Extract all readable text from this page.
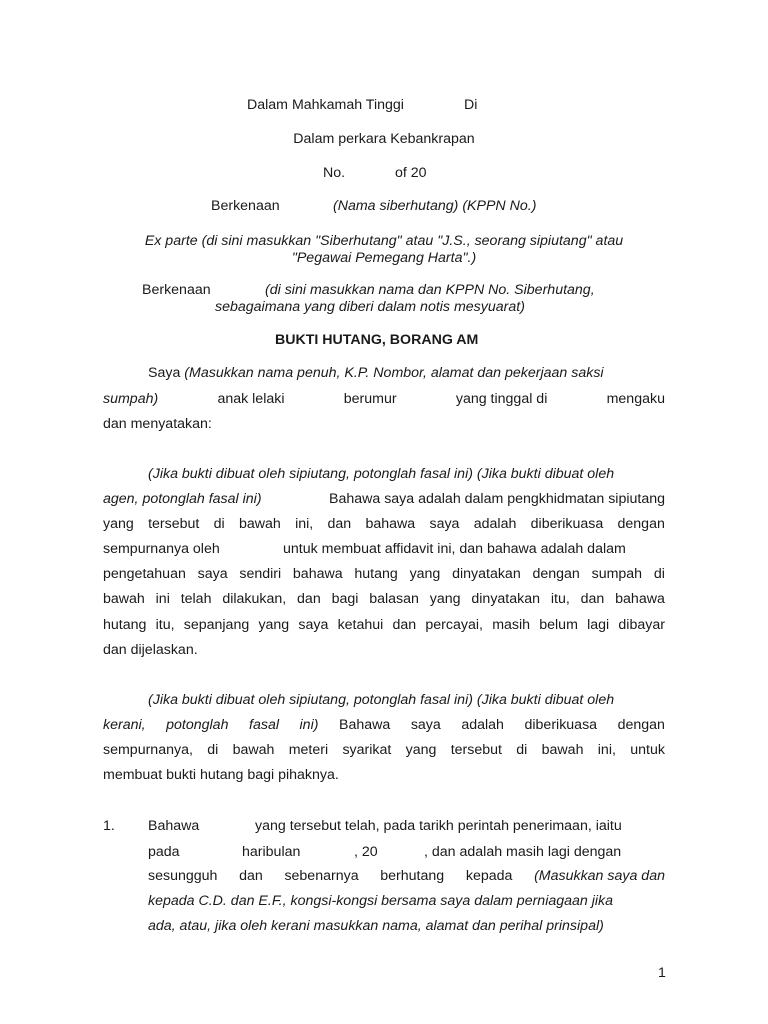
Dalam Mahkamah Tinggi	Di
Dalam perkara Kebankrapan
No.	of 20
Berkenaan	(Nama siberhutang) (KPPN No.)
Ex parte (di sini masukkan "Siberhutang" atau "J.S., seorang sipiutang" atau
"Pegawai Pemegang Harta".)
Berkenaan	(di sini masukkan nama dan KPPN No. Siberhutang,
sebagaimana yang diberi dalam notis mesyuarat)
BUKTI HUTANG, BORANG AM
Saya (Masukkan nama penuh, K.P. Nombor, alamat dan pekerjaan saksi
sumpah)	anak lelaki	berumur	yang tinggal di	mengaku
dan menyatakan:
(Jika bukti dibuat oleh sipiutang, potonglah fasal ini) (Jika bukti dibuat oleh
agen, potonglah fasal ini)	Bahawa saya adalah dalam pengkhidmatan sipiutang
yang tersebut di bawah ini, dan bahawa saya adalah diberikuasa dengan
sempurnanya oleh	untuk membuat affidavit ini, dan bahawa adalah dalam
pengetahuan saya sendiri bahawa hutang yang dinyatakan dengan sumpah di
bawah ini telah dilakukan, dan bagi balasan yang dinyatakan itu, dan bahawa
hutang itu, sepanjang yang saya ketahui dan percayai, masih belum lagi dibayar
dan dijelaskan.
(Jika bukti dibuat oleh sipiutang, potonglah fasal ini) (Jika bukti dibuat oleh
kerani, potonglah fasal ini) Bahawa saya adalah diberikuasa dengan
sempurnanya, di bawah meteri syarikat yang tersebut di bawah ini, untuk
membuat bukti hutang bagi pihaknya.
1. Bahawa	yang tersebut telah, pada tarikh perintah penerimaan, iaitu
pada	haribulan	, 20	, dan adalah masih lagi dengan
sesungguh dan sebenarnya berhutang kepada (Masukkan saya dan
kepada C.D. dan E.F., kongsi-kongsi bersama saya dalam perniagaan jika
ada, atau, jika oleh kerani masukkan nama, alamat dan perihal prinsipal)
1
